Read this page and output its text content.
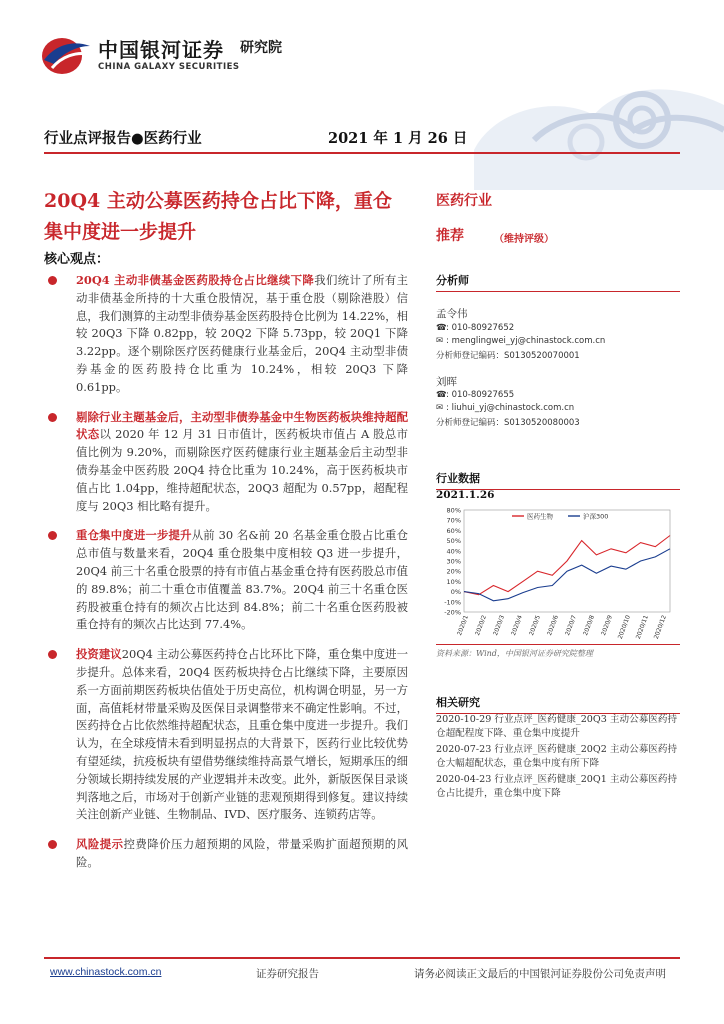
中国银河证券 研究院
CHINA GALAXY SECURITIES
行业点评报告●医药行业	2021 年 1 月 26 日
20Q4 主动公募医药持仓占比下降，重仓集中度进一步提升
核心观点：
20Q4 主动非债基金医药股持仓占比继续下降我们统计了所有主动非债基金所持的十大重仓股情况，基于重仓股（剔除港股）信息，我们测算的主动型非债券基金医药股持仓比例为 14.22%，相较 20Q3 下降 0.82pp，较 20Q2 下降 5.73pp，较 20Q1 下降 3.22pp。逐个剔除医疗医药健康行业基金后，20Q4 主动型非债券基金的医药股持仓比重为 10.24%，相较 20Q3 下降 0.61pp。
剔除行业主题基金后，主动型非债券基金中生物医药板块维持超配状态以 2020 年 12 月 31 日市值计，医药板块市值占 A 股总市值比例为 9.20%，而剔除医疗医药健康行业主题基金后主动型非债券基金中医药股 20Q4 持仓比重为 10.24%，高于医药板块市值占比 1.04pp，维持超配状态，20Q3 超配为 0.57pp，超配程度与 20Q3 相比略有提升。
重仓集中度进一步提升从前 30 名&前 20 名基金重仓股占比重仓总市值与数量来看，20Q4 重仓股集中度相较 Q3 进一步提升，20Q4 前三十名重仓股票的持有市值占基金重仓持有医药股总市值的 89.8%；前二十重仓市值覆盖 83.7%。20Q4 前三十名重仓医药股被重仓持有的频次占比达到 84.8%；前二十名重仓医药股被重仓持有的频次占比达到 77.4%。
投资建议20Q4 主动公募医药持仓占比环比下降，重仓集中度进一步提升。总体来看，20Q4 医药板块持仓占比继续下降，主要原因系一方面前期医药板块估值处于历史高位，机构调仓明显，另一方面，高值耗材带量采购及医保目录调整带来不确定性影响。不过，医药持仓占比依然维持超配状态，且重仓集中度进一步提升。我们认为，在全球疫情未看到明显拐点的大背景下，医药行业比较优势有望延续，抗疫板块有望借势继续维持高景气增长，短期承压的细分领域长期持续发展的产业逻辑并未改变。此外，新版医保目录谈判落地之后，市场对于创新产业链的悲观预期得到修复。建议持续关注创新产业链、生物制品、IVD、医疗服务、连锁药店等。
风险提示控费降价压力超预期的风险，带量采购扩面超预期的风险。
医药行业
推荐	（维持评级）
分析师
孟令伟
☎: 010-80927652
✉ : menglingwei_yj@chinastock.com.cn
分析师登记编码：S0130520070001
刘晖
☎: 010-80927655
✉ : liuhui_yj@chinastock.com.cn
分析师登记编码：S0130520080003
行业数据
2021.1.26
80%
70%
60%
50%
40%
30%
20%
10%
0%
-10%
-20%
2020/1 2020/2 2020/3 2020/4 2020/5 2020/6 2020/7 2020/8 2020/9 2020/10 2020/11 2020/12
医药生物	沪深300
资料来源：Wind，中国银河证券研究院整理
相关研究
2020-10-29 行业点评_医药健康_20Q3 主动公募医药持仓超配程度下降、重仓集中度提升
2020-07-23 行业点评_医药健康_20Q2 主动公募医药持仓大幅超配状态，重仓集中度有所下降
2020-04-23 行业点评_医药健康_20Q1 主动公募医药持仓占比提升，重仓集中度下降
www.chinastock.com.cn	证券研究报告	请务必阅读正文最后的中国银河证券股份公司免责声明
